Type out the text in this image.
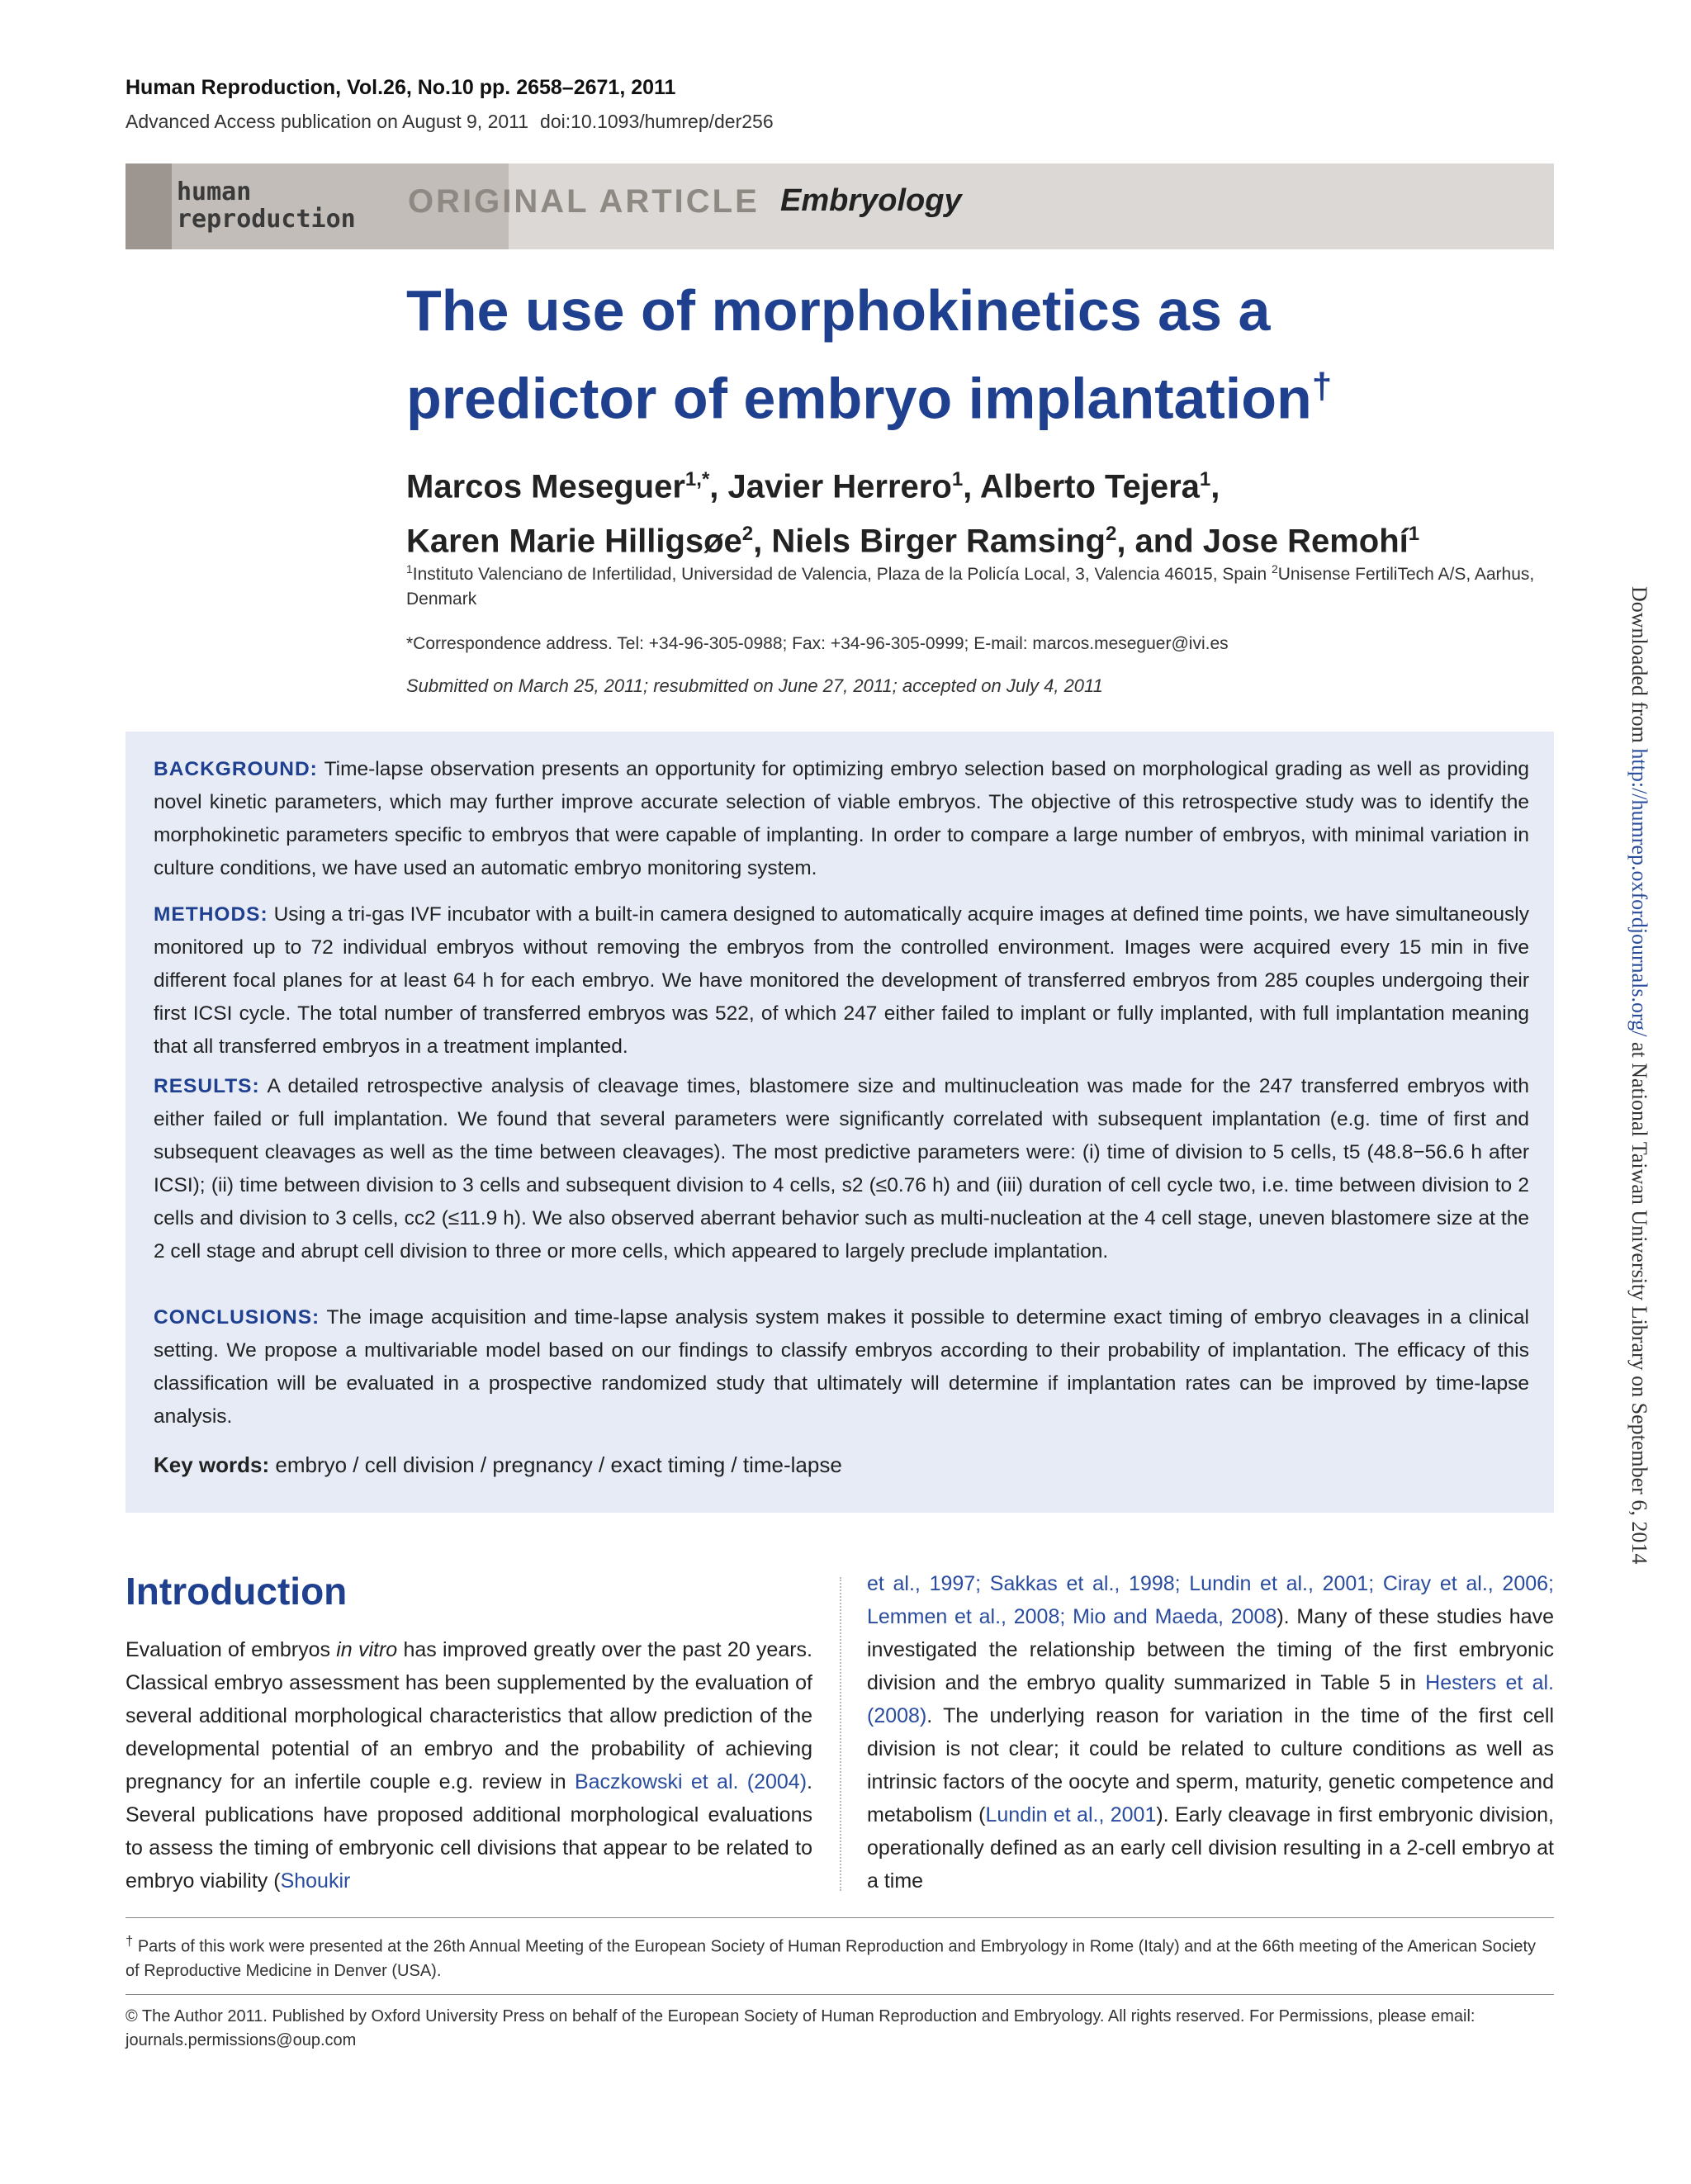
Human Reproduction, Vol.26, No.10 pp. 2658–2671, 2011
Advanced Access publication on August 9, 2011 doi:10.1093/humrep/der256
human
reproduction ORIGINAL ARTICLE Embryology
The use of morphokinetics as a
predictor of embryo implantation†
Marcos Meseguer$^{1,*}$, Javier Herrero$^1$, Alberto Tejera$^1$,
Karen Marie Hilligsøe$^2$, Niels Birger Ramsing$^2$, and Jose Remohí$^1$
$^1$Instituto Valenciano de Infertilidad, Universidad de Valencia, Plaza de la Policía Local, 3, Valencia 46015, Spain $^2$Unisense FertiliTech A/S, Aarhus, Denmark
*Correspondence address. Tel: +34-96-305-0988; Fax: +34-96-305-0999; E-mail: marcos.meseguer@ivi.es
Submitted on March 25, 2011; resubmitted on June 27, 2011; accepted on July 4, 2011
BACKGROUND: Time-lapse observation presents an opportunity for optimizing embryo selection based on morphological grading as well as providing novel kinetic parameters, which may further improve accurate selection of viable embryos. The objective of this retrospective study was to identify the morphokinetic parameters specific to embryos that were capable of implanting. In order to compare a large number of embryos, with minimal variation in culture conditions, we have used an automatic embryo monitoring system.
METHODS: Using a tri-gas IVF incubator with a built-in camera designed to automatically acquire images at defined time points, we have simultaneously monitored up to 72 individual embryos without removing the embryos from the controlled environment. Images were acquired every 15 min in five different focal planes for at least 64 h for each embryo. We have monitored the development of transferred embryos from 285 couples undergoing their first ICSI cycle. The total number of transferred embryos was 522, of which 247 either failed to implant or fully implanted, with full implantation meaning that all transferred embryos in a treatment implanted.
RESULTS: A detailed retrospective analysis of cleavage times, blastomere size and multinucleation was made for the 247 transferred embryos with either failed or full implantation. We found that several parameters were significantly correlated with subsequent implantation (e.g. time of first and subsequent cleavages as well as the time between cleavages). The most predictive parameters were: (i) time of division to 5 cells, t5 (48.8−56.6 h after ICSI); (ii) time between division to 3 cells and subsequent division to 4 cells, s2 (≤0.76 h) and (iii) duration of cell cycle two, i.e. time between division to 2 cells and division to 3 cells, cc2 (≤11.9 h). We also observed aberrant behavior such as multi-nucleation at the 4 cell stage, uneven blastomere size at the 2 cell stage and abrupt cell division to three or more cells, which appeared to largely preclude implantation.
CONCLUSIONS: The image acquisition and time-lapse analysis system makes it possible to determine exact timing of embryo cleavages in a clinical setting. We propose a multivariable model based on our findings to classify embryos according to their probability of implantation. The efficacy of this classification will be evaluated in a prospective randomized study that ultimately will determine if implantation rates can be improved by time-lapse analysis.
Key words: embryo / cell division / pregnancy / exact timing / time-lapse
Introduction
Evaluation of embryos in vitro has improved greatly over the past 20 years. Classical embryo assessment has been supplemented by the evaluation of several additional morphological characteristics that allow prediction of the developmental potential of an embryo and the probability of achieving pregnancy for an infertile couple e.g. review in Baczkowski et al. (2004). Several publications have proposed additional morphological evaluations to assess the timing of embryonic cell divisions that appear to be related to embryo viability (Shoukir
et al., 1997; Sakkas et al., 1998; Lundin et al., 2001; Ciray et al., 2006; Lemmen et al., 2008; Mio and Maeda, 2008). Many of these studies have investigated the relationship between the timing of the first embryonic division and the embryo quality summarized in Table 5 in Hesters et al. (2008). The underlying reason for variation in the time of the first cell division is not clear; it could be related to culture conditions as well as intrinsic factors of the oocyte and sperm, maturity, genetic competence and metabolism (Lundin et al., 2001). Early cleavage in first embryonic division, operationally defined as an early cell division resulting in a 2-cell embryo at a time
† Parts of this work were presented at the 26th Annual Meeting of the European Society of Human Reproduction and Embryology in Rome (Italy) and at the 66th meeting of the American Society of Reproductive Medicine in Denver (USA).
© The Author 2011. Published by Oxford University Press on behalf of the European Society of Human Reproduction and Embryology. All rights reserved. For Permissions, please email: journals.permissions@oup.com
Downloaded from http://humrep.oxfordjournals.org/ at National Taiwan University Library on September 6, 2014
